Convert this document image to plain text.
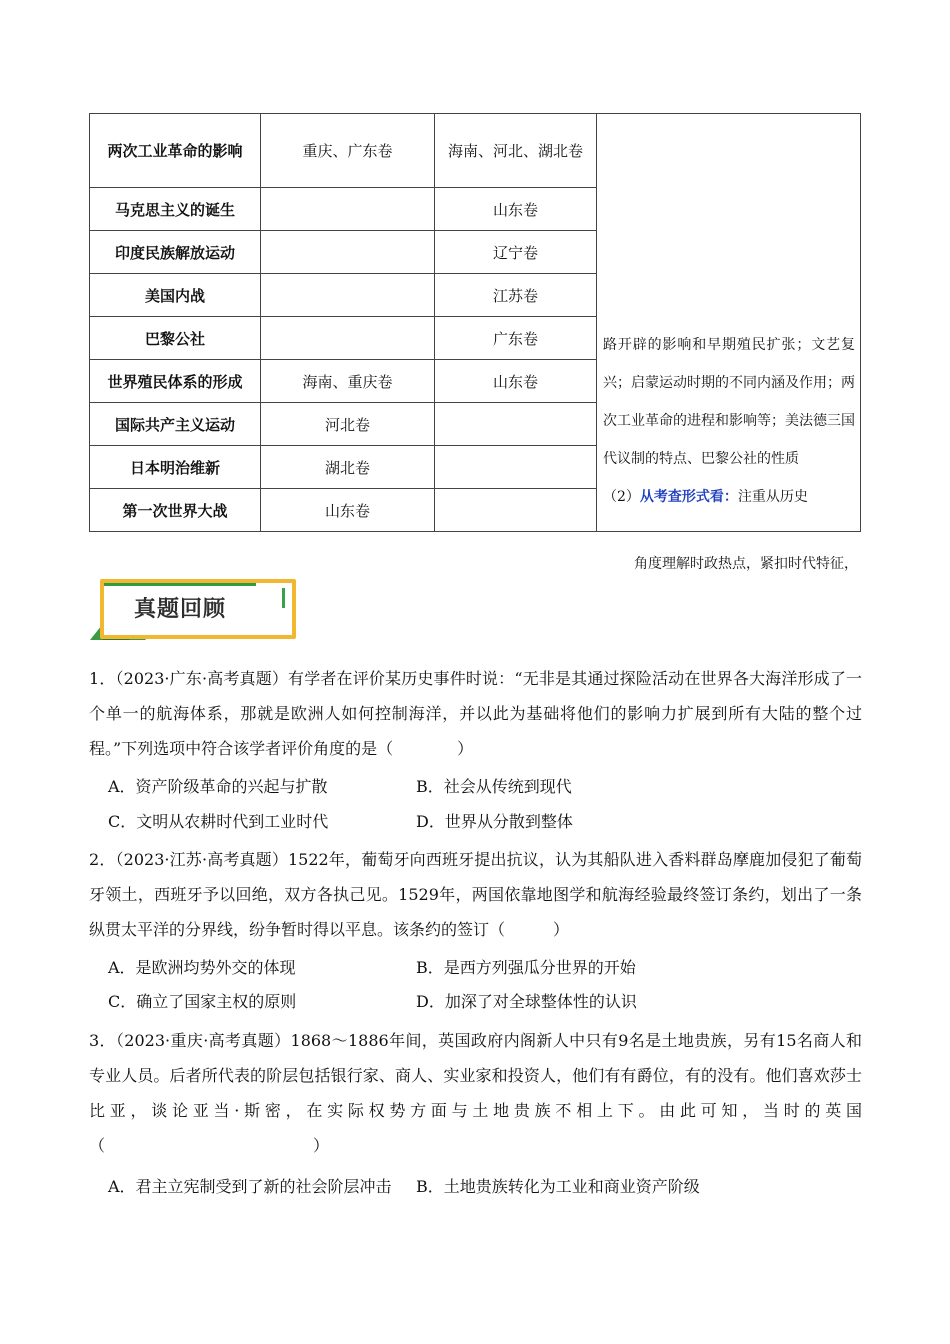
两次工业革命的影响	重庆、广东卷	海南、河北、湖北卷	
马克思主义的诞生		山东卷	
印度民族解放运动		辽宁卷	
美国内战		江苏卷	
巴黎公社		广东卷	
世界殖民体系的形成	海南、重庆卷	山东卷	
国际共产主义运动	河北卷		
日本明治维新	湖北卷		
第一次世界大战	山东卷		
路开辟的影响和早期殖民扩张；文艺复兴；启蒙运动时期的不同内涵及作用；两次工业革命的进程和影响等；美法德三国代议制的特点、巴黎公社的性质
（2）从考查形式看：注重从历史
角度理解时政热点，紧扣时代特征，
真题回顾
1．（2023·广东·高考真题）有学者在评价某历史事件时说：“无非是其通过探险活动在世界各大海洋形成了一个单一的航海体系，那就是欧洲人如何控制海洋，并以此为基础将他们的影响力扩展到所有大陆的整个过程。”下列选项中符合该学者评价角度的是（　　　　）
A．资产阶级革命的兴起与扩散	B．社会从传统到现代
C．文明从农耕时代到工业时代	D．世界从分散到整体
2．（2023·江苏·高考真题）1522年，葡萄牙向西班牙提出抗议，认为其船队进入香料群岛摩鹿加侵犯了葡萄牙领土，西班牙予以回绝，双方各执己见。1529年，两国依靠地图学和航海经验最终签订条约，划出了一条纵贯太平洋的分界线，纷争暂时得以平息。该条约的签订（　　　）
A．是欧洲均势外交的体现	B．是西方列强瓜分世界的开始
C．确立了国家主权的原则	D．加深了对全球整体性的认识
3．（2023·重庆·高考真题）1868～1886年间，英国政府内阁新人中只有9名是土地贵族，另有15名商人和专业人员。后者所代表的阶层包括银行家、商人、实业家和投资人，他们有有爵位，有的没有。他们喜欢莎士比亚，谈论亚当·斯密，在实际权势方面与土地贵族不相上下。由此可知，当时的英国（　　　　　　　　　　　　　）
A．君主立宪制受到了新的社会阶层冲击 B．土地贵族转化为工业和商业资产阶级
